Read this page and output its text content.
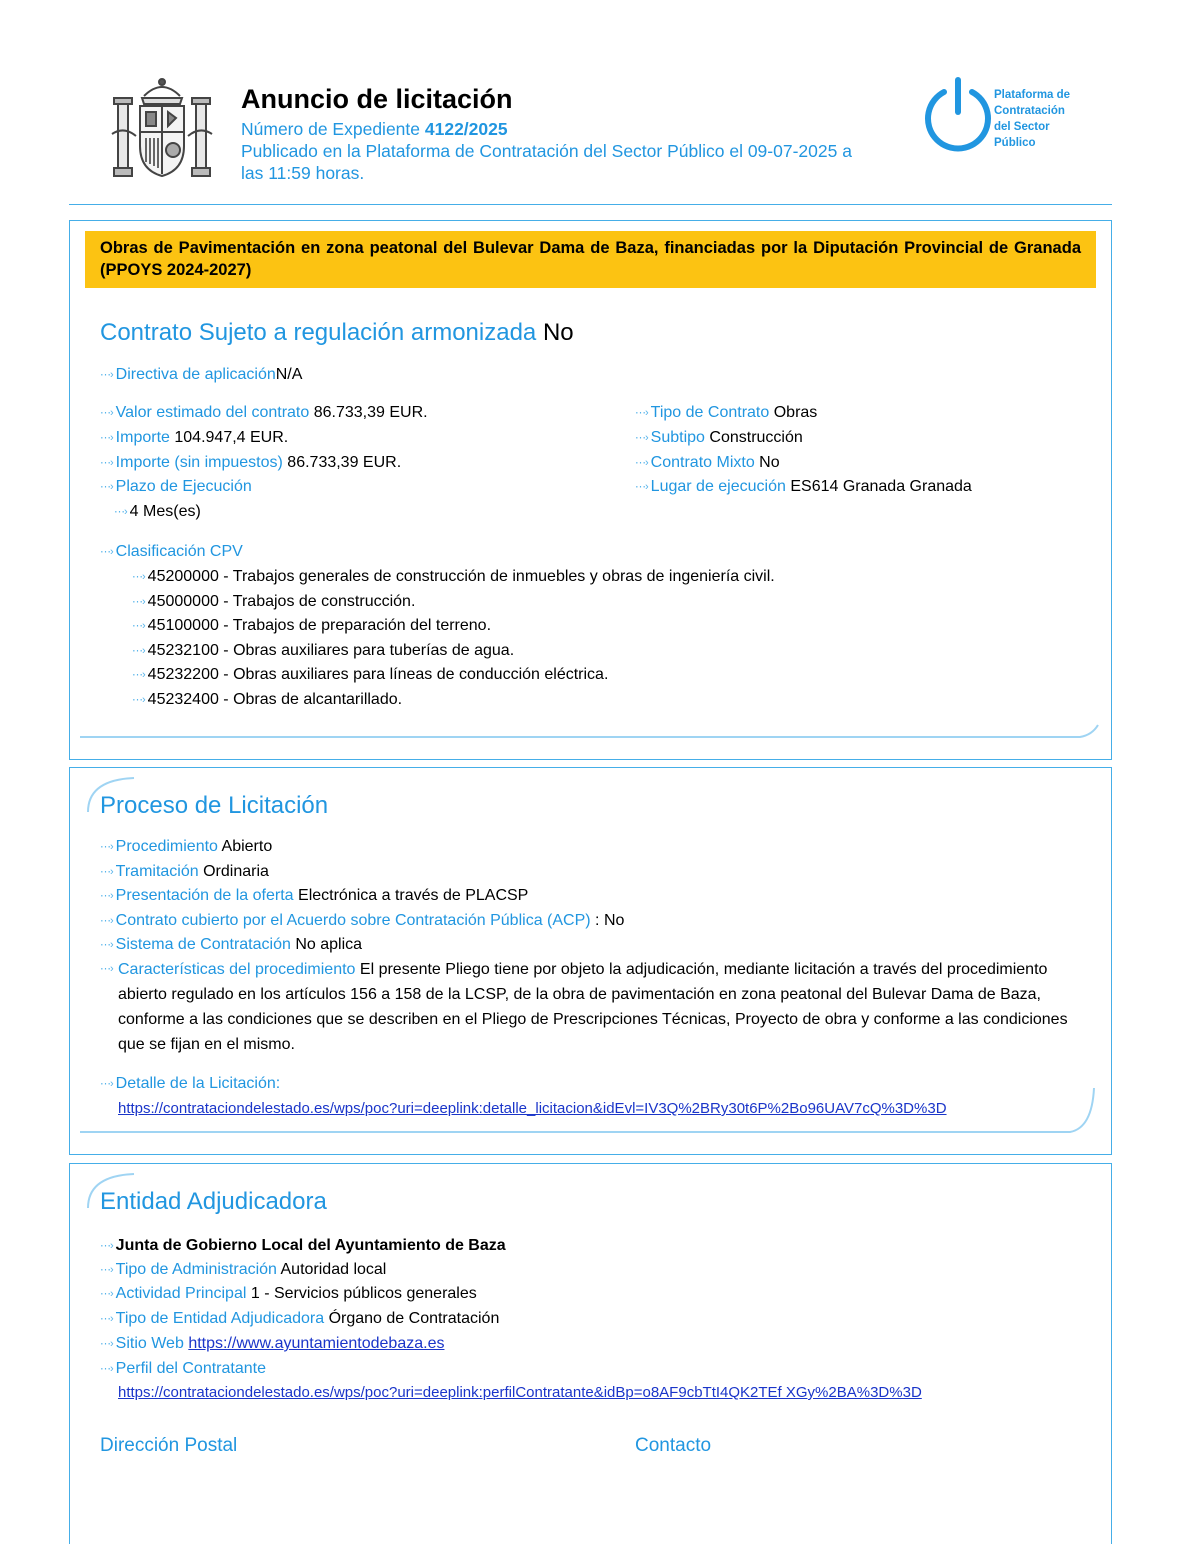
Anuncio de licitación
Número de Expediente 4122/2025
Publicado en la Plataforma de Contratación del Sector Público el 09-07-2025 a
las 11:59 horas.
Plataforma de
Contratación
del Sector
Público
Obras de Pavimentación en zona peatonal del Bulevar Dama de Baza, financiadas por la Diputación Provincial de Granada (PPOYS 2024-2027)
Contrato Sujeto a regulación armonizada No
⋯› Directiva de aplicaciónN/A
⋯› Valor estimado del contrato 86.733,39 EUR.
⋯› Importe 104.947,4 EUR.
⋯› Importe (sin impuestos) 86.733,39 EUR.
⋯› Plazo de Ejecución
⋯› 4 Mes(es)
⋯› Tipo de Contrato Obras
⋯› Subtipo Construcción
⋯› Contrato Mixto No
⋯› Lugar de ejecución ES614 Granada Granada
⋯› Clasificación CPV
⋯› 45200000 - Trabajos generales de construcción de inmuebles y obras de ingeniería civil.
⋯› 45000000 - Trabajos de construcción.
⋯› 45100000 - Trabajos de preparación del terreno.
⋯› 45232100 - Obras auxiliares para tuberías de agua.
⋯› 45232200 - Obras auxiliares para líneas de conducción eléctrica.
⋯› 45232400 - Obras de alcantarillado.
Proceso de Licitación
⋯› Procedimiento Abierto
⋯› Tramitación Ordinaria
⋯› Presentación de la oferta Electrónica a través de PLACSP
⋯› Contrato cubierto por el Acuerdo sobre Contratación Pública (ACP) : No
⋯› Sistema de Contratación No aplica
⋯› Características del procedimiento El presente Pliego tiene por objeto la adjudicación, mediante licitación a través del procedimiento abierto regulado en los artículos 156 a 158 de la LCSP, de la obra de pavimentación en zona peatonal del Bulevar Dama de Baza, conforme a las condiciones que se describen en el Pliego de Prescripciones Técnicas, Proyecto de obra y conforme a las condiciones que se fijan en el mismo.
⋯› Detalle de la Licitación:
https://contrataciondelestado.es/wps/poc?uri=deeplink:detalle_licitacion&idEvl=IV3Q%2BRy30t6P%2Bo96UAV7cQ%3D%3D
Entidad Adjudicadora
⋯› Junta de Gobierno Local del Ayuntamiento de Baza
⋯› Tipo de Administración Autoridad local
⋯› Actividad Principal 1 - Servicios públicos generales
⋯› Tipo de Entidad Adjudicadora Órgano de Contratación
⋯› Sitio Web https://www.ayuntamientodebaza.es
⋯› Perfil del Contratante
https://contrataciondelestado.es/wps/poc?uri=deeplink:perfilContratante&idBp=o8AF9cbTtI4QK2TEf XGy%2BA%3D%3D
Dirección Postal	Contacto
